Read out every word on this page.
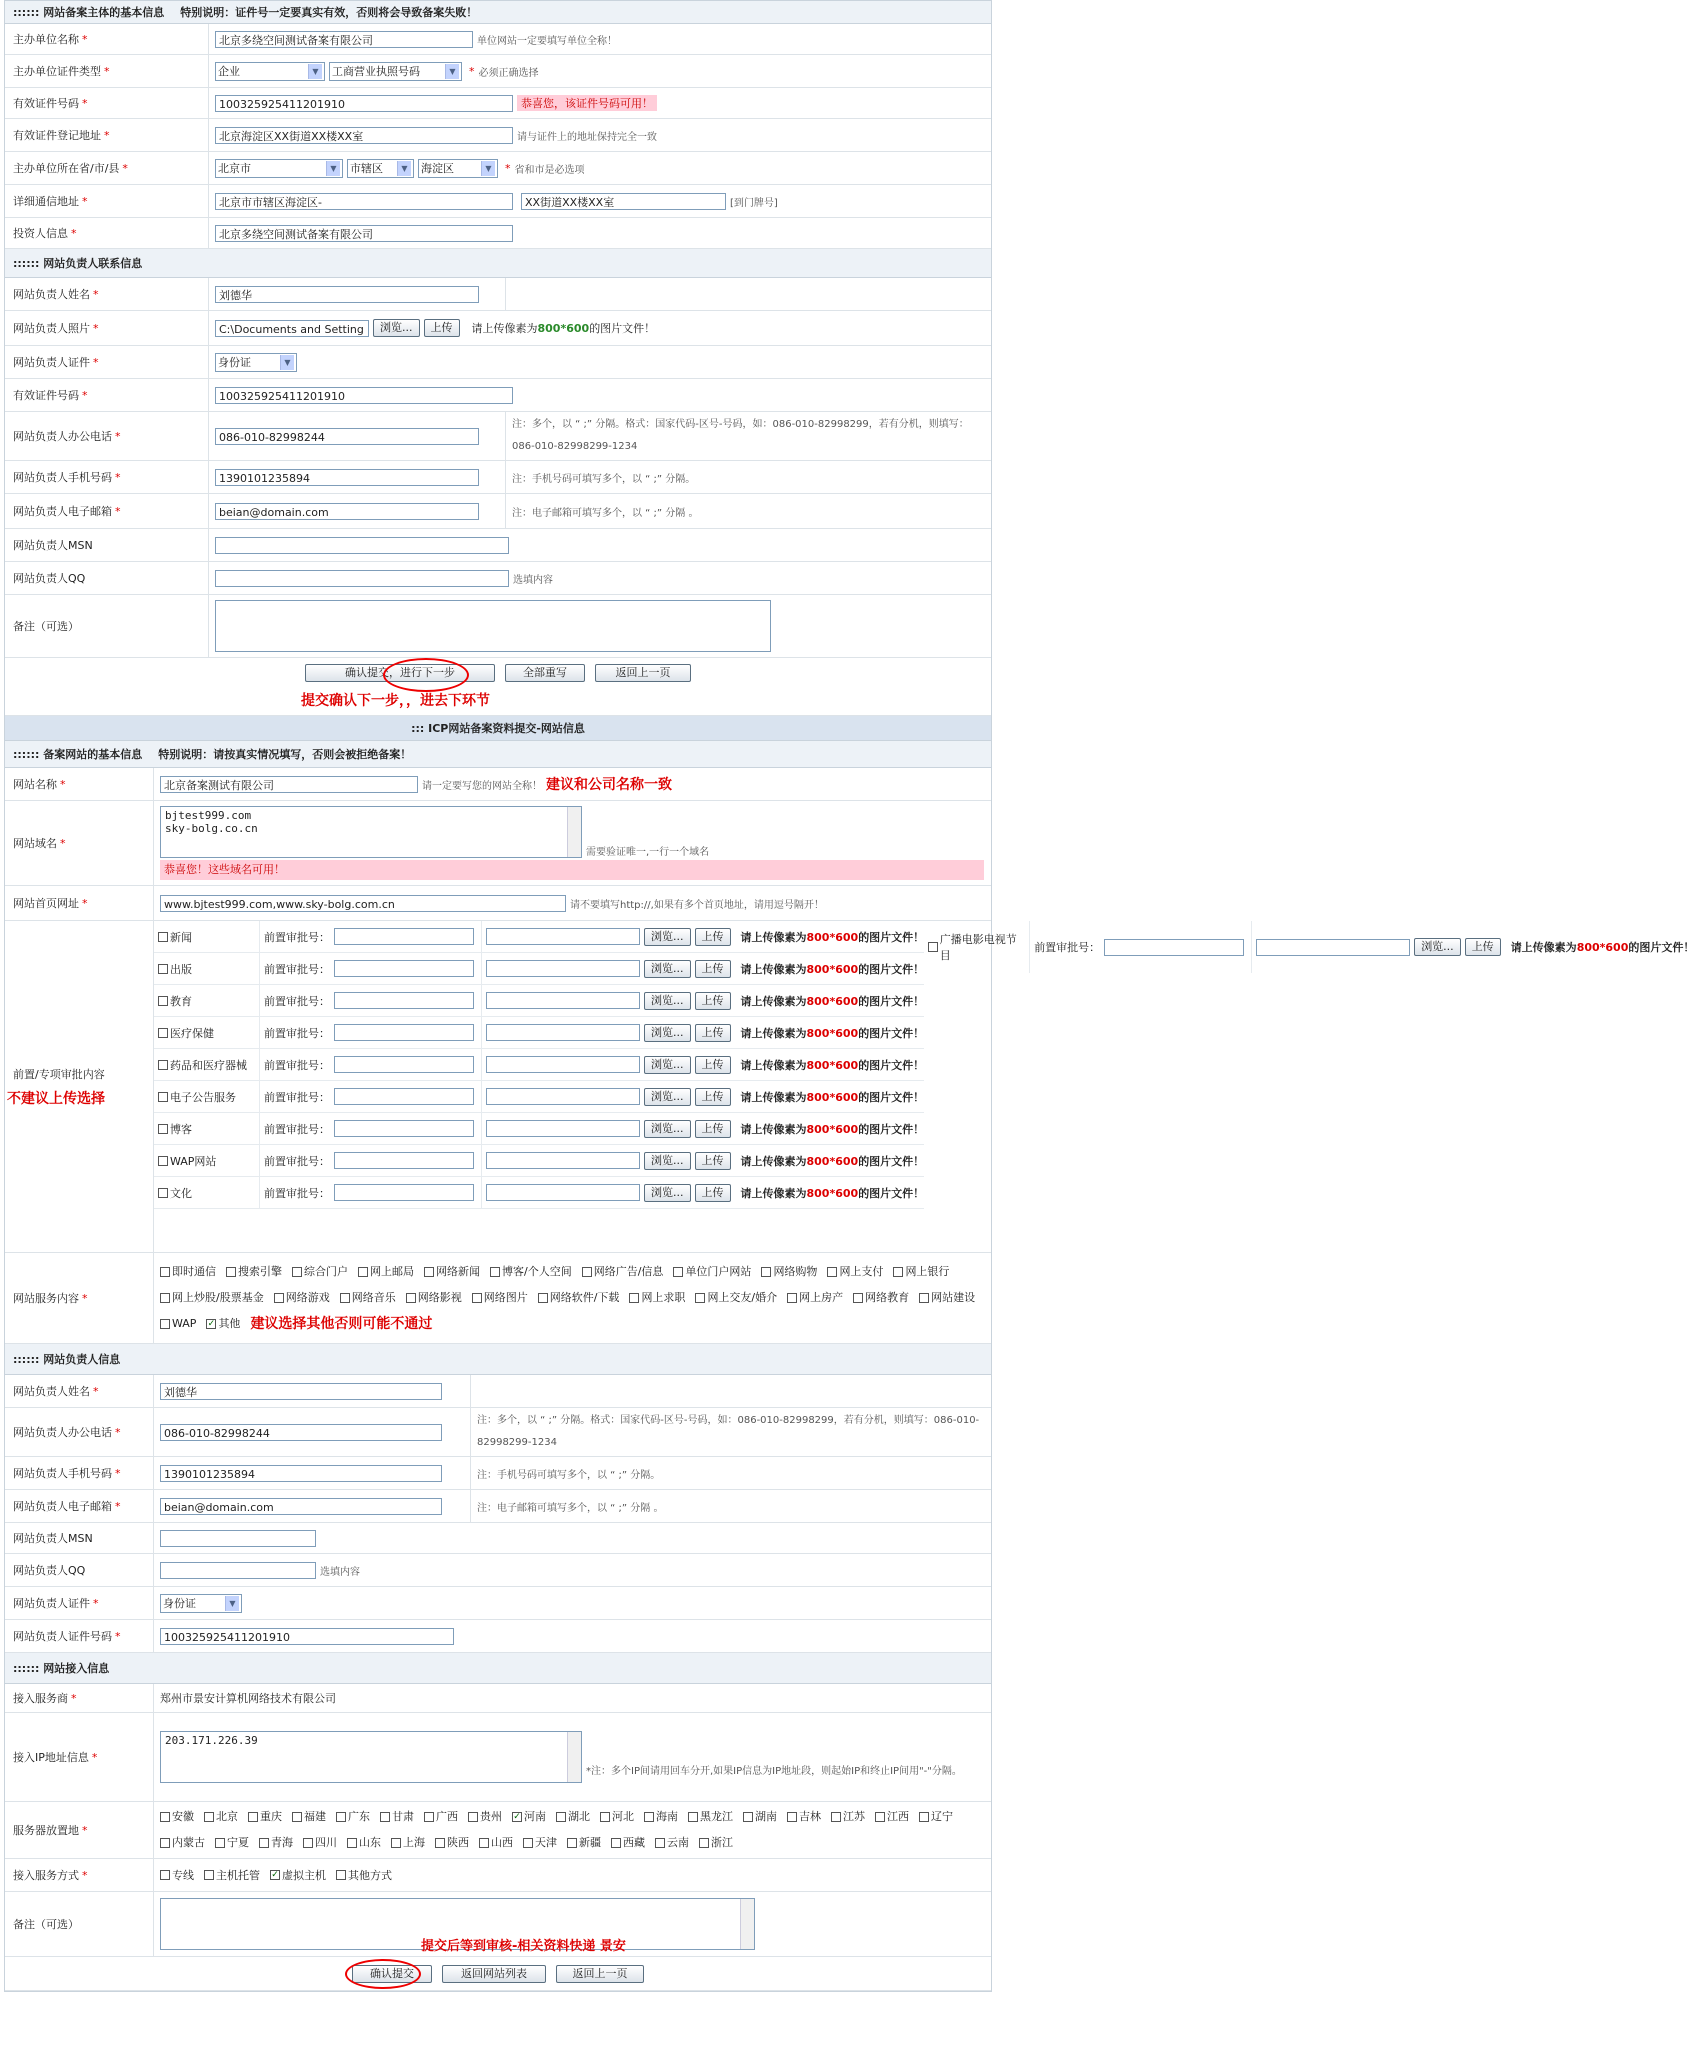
:::::: 网站备案主体的基本信息 特别说明：证件号一定要真实有效，否则将会导致备案失败！
主办单位名称 *	北京多绕空间测试备案有限公司	单位网站一定要填写单位全称！
主办单位证件类型 *	企业	▼	工商营业执照号码	▼	* 必须正确选择
有效证件号码 *	100325925411201910	恭喜您，该证件号码可用！
有效证件登记地址 *	北京海淀区XX街道XX楼XX室	请与证件上的地址保持完全一致
主办单位所在省/市/县 *	北京市	▼	市辖区	▼	海淀区	▼	* 省和市是必选项
详细通信地址 *	北京市市辖区海淀区-	XX街道XX楼XX室	[到门牌号]
投资人信息 *	北京多绕空间测试备案有限公司
:::::: 网站负责人联系信息
网站负责人姓名 *	刘德华
网站负责人照片 *	C:\Documents and Setting	浏览...	上传	请上传像素为800*600的图片文件！
网站负责人证件 *	身份证	▼
有效证件号码 *	100325925411201910
网站负责人办公电话 *	086-010-82998244
注：多个，以 “ ;” 分隔。格式：国家代码-区号-号码，如：086-010-82998299，若有分机，则填写：086-010-82998299-1234
网站负责人手机号码 *	1390101235894	注：手机号码可填写多个，以 “ ;” 分隔。
网站负责人电子邮箱 *	beian@domain.com	注：电子邮箱可填写多个，以 “ ;” 分隔 。
网站负责人MSN
网站负责人QQ	选填内容
备注（可选）
确认提交，进行下一步	全部重写	返回上一页
提交确认下一步，，进去下环节
::: ICP网站备案资料提交-网站信息
:::::: 备案网站的基本信息 特别说明：请按真实情况填写，否则会被拒绝备案！
网站名称 *	北京备案测试有限公司	请一定要写您的网站全称！ 建议和公司名称一致
网站域名 *
bjtest999.com
sky-bolg.co.cn
需要验证唯一,一行一个域名
恭喜您！这些域名可用！
网站首页网址 *	www.bjtest999.com,www.sky-bolg.com.cn	请不要填写http://,如果有多个首页地址，请用逗号隔开！
前置/专项审批内容
不建议上传选择
新闻	前置审批号：	浏览...	上传	请上传像素为800*600的图片文件！
出版	前置审批号：	浏览...	上传	请上传像素为800*600的图片文件！
教育	前置审批号：	浏览...	上传	请上传像素为800*600的图片文件！
医疗保健	前置审批号：	浏览...	上传	请上传像素为800*600的图片文件！
药品和医疗器械 前置审批号：	浏览...	上传	请上传像素为800*600的图片文件！
电子公告服务	前置审批号：	浏览...	上传	请上传像素为800*600的图片文件！
博客	前置审批号：	浏览...	上传	请上传像素为800*600的图片文件！
WAP网站	前置审批号：	浏览...	上传	请上传像素为800*600的图片文件！
文化	前置审批号：	浏览...	上传	请上传像素为800*600的图片文件！
广播电影电视节目
前置审批号：	浏览...	上传	请上传像素为800*600的图片文件！
网站服务内容 *
即时通信 搜索引擎 综合门户 网上邮局 网络新闻 博客/个人空间 网络广告/信息 单位门户网站 网络购物 网上支付 网上银行
网上炒股/股票基金 网络游戏 网络音乐 网络影视 网络图片 网络软件/下载 网上求职 网上交友/婚介 网上房产 网络教育 网站建设
WAP ✓ 其他 建议选择其他否则可能不通过
:::::: 网站负责人信息
网站负责人姓名 *	刘德华
网站负责人办公电话 *	086-010-82998244
注：多个，以 “ ;” 分隔。格式：国家代码-区号-号码，如：086-010-82998299，若有分机，则填写：086-010-82998299-1234
网站负责人手机号码 *	1390101235894	注：手机号码可填写多个，以 “ ;” 分隔。
网站负责人电子邮箱 *	beian@domain.com	注：电子邮箱可填写多个，以 “ ;” 分隔 。
网站负责人MSN
网站负责人QQ	选填内容
网站负责人证件 *	身份证	▼
网站负责人证件号码 *	100325925411201910
:::::: 网站接入信息
接入服务商 *	郑州市景安计算机网络技术有限公司
接入IP地址信息 *
203.171.226.39
*注：多个IP间请用回车分开,如果IP信息为IP地址段，则起始IP和终止IP间用"-"分隔。
服务器放置地 *
安徽 北京 重庆 福建 广东 甘肃 广西 贵州 ✓ 河南 湖北 河北 海南 黑龙江 湖南 吉林 江苏 江西 辽宁
内蒙古 宁夏 青海 四川 山东 上海 陕西 山西 天津 新疆 西藏 云南 浙江
接入服务方式 *	专线 主机托管 ✓ 虚拟主机 其他方式
备注（可选）
提交后等到审核-相关资料快递 景安
确认提交	返回网站列表	返回上一页
